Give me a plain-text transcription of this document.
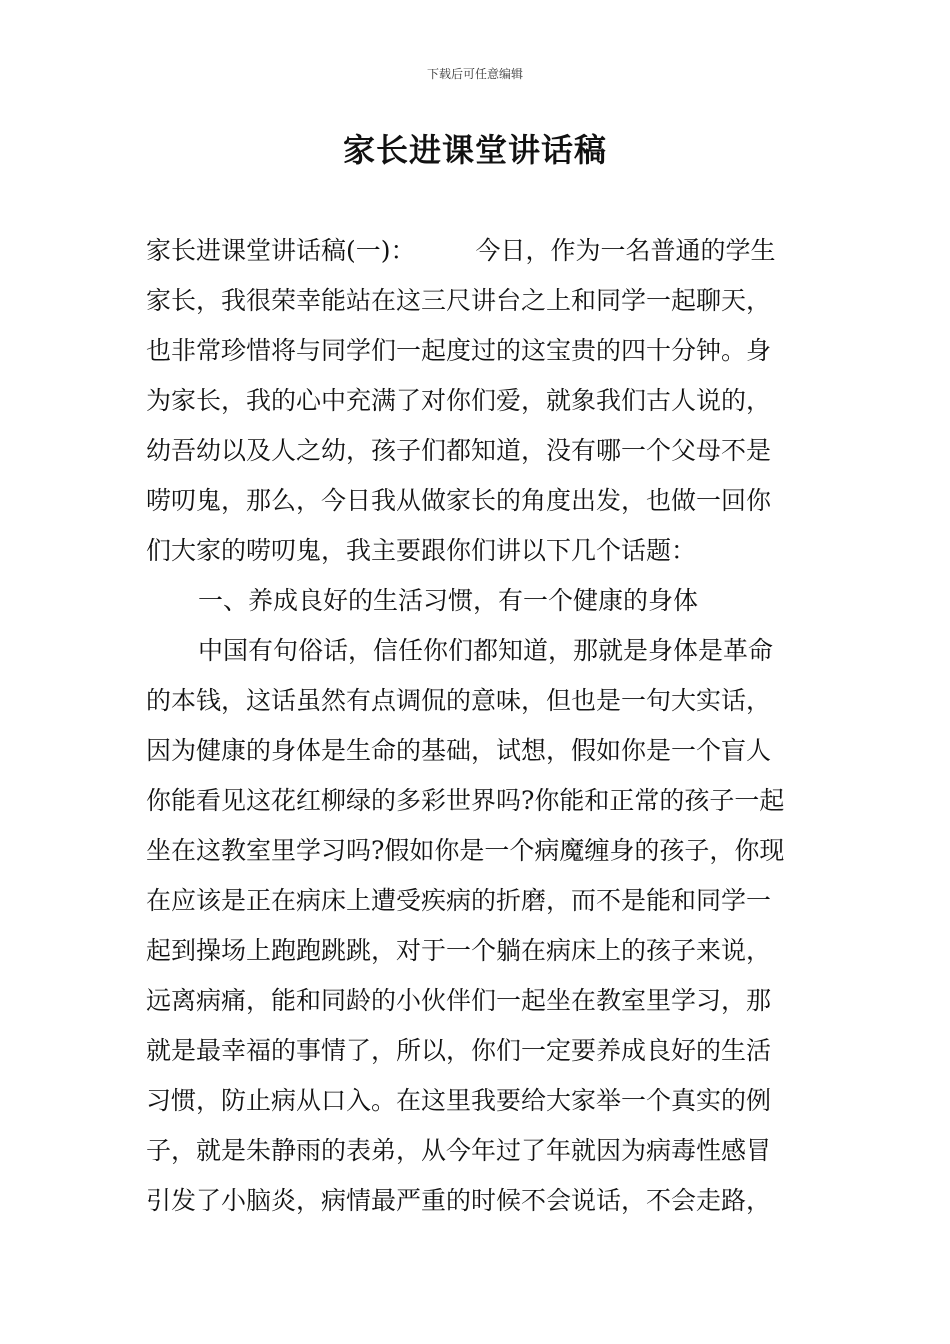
下载后可任意编辑
家长进课堂讲话稿
家长进课堂讲话稿(一)： 今日，作为一名普通的学生
家长，我很荣幸能站在这三尺讲台之上和同学一起聊天，
也非常珍惜将与同学们一起度过的这宝贵的四十分钟。身
为家长，我的心中充满了对你们爱，就象我们古人说的，
幼吾幼以及人之幼，孩子们都知道，没有哪一个父母不是
唠叨鬼，那么，今日我从做家长的角度出发，也做一回你
们大家的唠叨鬼，我主要跟你们讲以下几个话题：
一、养成良好的生活习惯，有一个健康的身体
中国有句俗话，信任你们都知道，那就是身体是革命
的本钱，这话虽然有点调侃的意味，但也是一句大实话，
因为健康的身体是生命的基础，试想，假如你是一个盲人
你能看见这花红柳绿的多彩世界吗?你能和正常的孩子一起
坐在这教室里学习吗?假如你是一个病魔缠身的孩子，你现
在应该是正在病床上遭受疾病的折磨，而不是能和同学一
起到操场上跑跑跳跳，对于一个躺在病床上的孩子来说，
远离病痛，能和同龄的小伙伴们一起坐在教室里学习，那
就是最幸福的事情了，所以，你们一定要养成良好的生活
习惯，防止病从口入。在这里我要给大家举一个真实的例
子，就是朱静雨的表弟，从今年过了年就因为病毒性感冒
引发了小脑炎，病情最严重的时候不会说话，不会走路，
